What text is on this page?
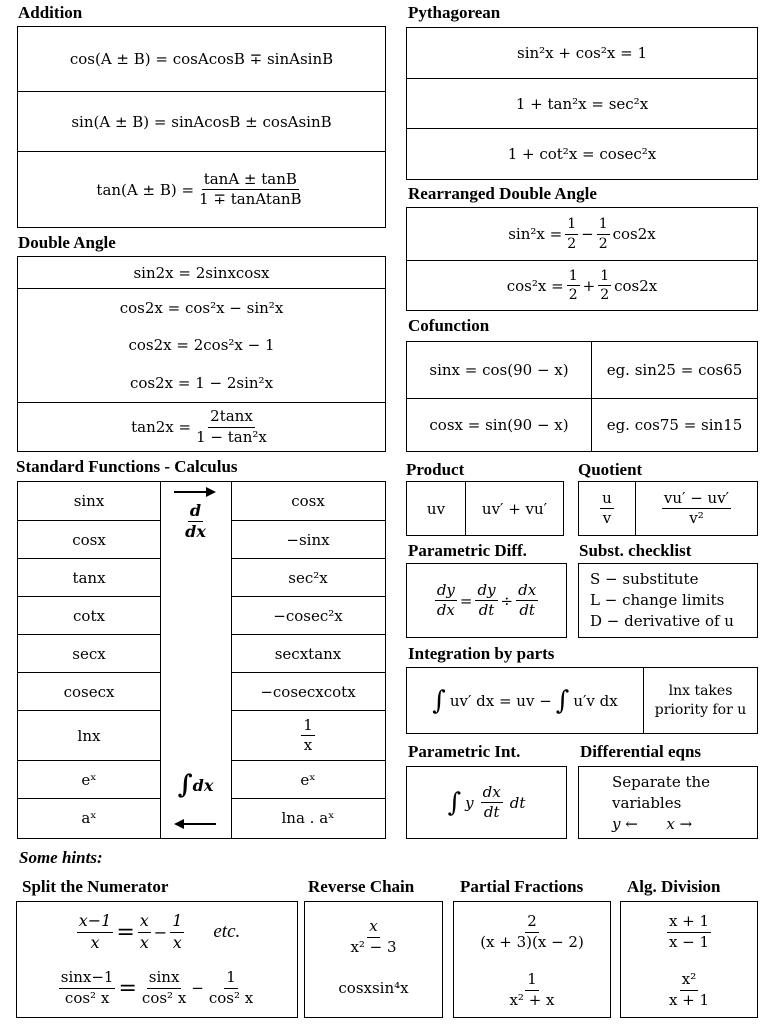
Addition
cos(A ± B) = cosAcosB ∓ sinAsinB
sin(A ± B) = sinAcosB ± cosAsinB
$\tan(A \pm B) = \frac{\tan A \pm \tan B}{\text{1 ∓ tanAtanB}}$
Pythagorean
sin²x + cos²x = 1
1 + tan²x = sec²x
1 + cot²x = cosec²x
Rearranged Double Angle
$\sin^2x = \frac{1}{2} - \frac{1}{2} \cos 2x$
$\cos^2x = \frac{1}{2} + \frac{1}{2} \cos 2x$
Double Angle
sin2x = 2sinxcosx
cos2x = cos²x − sin²x
cos2x = 2cos²x − 1
cos2x = 1 − 2sin²x
$\tan 2x = \frac{2\tan x}{\text{1 − tan²x}}$
Cofunction
sinx = cos(90 − x)	eg. sin25 = cos65
cosx = sin(90 − x)	eg. cos75 = sin15
Standard Functions - Calculus
sinx	cosx
cosx	−sinx
tanx	sec²x
cotx	−cosec²x
secx	secxtanx
cosecx	−cosecxcotx
lnx	$\frac{1}{x}$
eˣ	eˣ
aˣ	lna . aˣ
$\frac{d}{dx}$
∫ dx
Product
uv	uv′ + vu′
Quotient
$\frac{u}{v}$	$\frac{vu' - uv'}{\text{v²}}$
Parametric Diff.
$\frac{dy}{dx} = \frac{dy}{dt} \div \frac{dx}{dt}$
Subst. checklist
S − substitute
L − change limits
D − derivative of u
Integration by parts
∫ uv′ dx = uv − ∫ u′v dx
lnx takes
priority for u
Parametric Int.
∫ y $\frac{dx}{dt}$ dt
Differential eqns
Separate the
variables
y ←      x →
Some hints:
Split the Numerator
$\frac{x-1}{x} = \frac{x}{x} - \frac{1}{x}$ etc.
$\frac{\sin x-1}{\text{cos² x}} = \frac{\sin x}{\text{cos² x}} - \frac{1}{\text{cos² x}}$
Reverse Chain
$\frac{x}{\text{x² − 3}}$
cosxsin⁴x
Partial Fractions
$\frac{2}{(x + 3)(x - 2)}$
$\frac{1}{\text{x² + x}}$
Alg. Division
$\frac{x + 1}{x - 1}$
$\frac{\text{x²}}{x + 1}$
